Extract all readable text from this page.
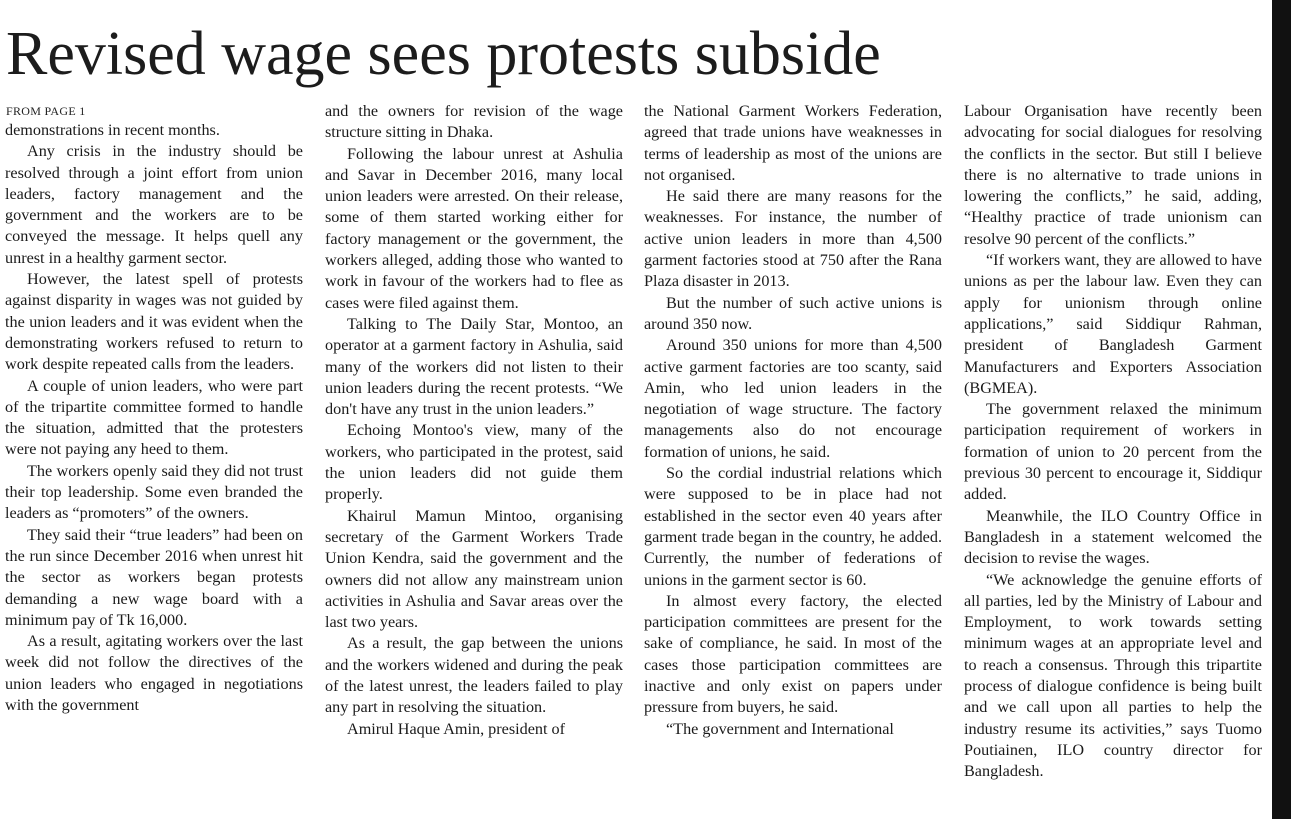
Revised wage sees protests subside
FROM PAGE 1

demonstrations in recent months.

Any crisis in the industry should be resolved through a joint effort from union leaders, factory management and the government and the workers are to be conveyed the message. It helps quell any unrest in a healthy garment sector.

However, the latest spell of protests against disparity in wages was not guided by the union leaders and it was evident when the demonstrating workers refused to return to work despite repeated calls from the leaders.

A couple of union leaders, who were part of the tripartite committee formed to handle the situation, admitted that the protesters were not paying any heed to them.

The workers openly said they did not trust their top leadership. Some even branded the leaders as “promoters” of the owners.

They said their “true leaders” had been on the run since December 2016 when unrest hit the sector as workers began protests demanding a new wage board with a minimum pay of Tk 16,000.

As a result, agitating workers over the last week did not follow the directives of the union leaders who engaged in negotiations with the government

and the owners for revision of the wage structure sitting in Dhaka.

Following the labour unrest at Ashulia and Savar in December 2016, many local union leaders were arrested. On their release, some of them started working either for factory management or the government, the workers alleged, adding those who wanted to work in favour of the workers had to flee as cases were filed against them.

Talking to The Daily Star, Montoo, an operator at a garment factory in Ashulia, said many of the workers did not listen to their union leaders during the recent protests. “We don't have any trust in the union leaders.”

Echoing Montoo's view, many of the workers, who participated in the protest, said the union leaders did not guide them properly.

Khairul Mamun Mintoo, organising secretary of the Garment Workers Trade Union Kendra, said the government and the owners did not allow any mainstream union activities in Ashulia and Savar areas over the last two years.

As a result, the gap between the unions and the workers widened and during the peak of the latest unrest, the leaders failed to play any part in resolving the situation.

Amirul Haque Amin, president of

the National Garment Workers Federation, agreed that trade unions have weaknesses in terms of leadership as most of the unions are not organised.

He said there are many reasons for the weaknesses. For instance, the number of active union leaders in more than 4,500 garment factories stood at 750 after the Rana Plaza disaster in 2013.

But the number of such active unions is around 350 now.

Around 350 unions for more than 4,500 active garment factories are too scanty, said Amin, who led union leaders in the negotiation of wage structure. The factory managements also do not encourage formation of unions, he said.

So the cordial industrial relations which were supposed to be in place had not established in the sector even 40 years after garment trade began in the country, he added. Currently, the number of federations of unions in the garment sector is 60.

In almost every factory, the elected participation committees are present for the sake of compliance, he said. In most of the cases those participation committees are inactive and only exist on papers under pressure from buyers, he said.

“The government and International

Labour Organisation have recently been advocating for social dialogues for resolving the conflicts in the sector. But still I believe there is no alternative to trade unions in lowering the conflicts,” he said, adding, “Healthy practice of trade unionism can resolve 90 percent of the conflicts.”

“If workers want, they are allowed to have unions as per the labour law. Even they can apply for unionism through online applications,” said Siddiqur Rahman, president of Bangladesh Garment Manufacturers and Exporters Association (BGMEA).

The government relaxed the minimum participation requirement of workers in formation of union to 20 percent from the previous 30 percent to encourage it, Siddiqur added.

Meanwhile, the ILO Country Office in Bangladesh in a statement welcomed the decision to revise the wages.

“We acknowledge the genuine efforts of all parties, led by the Ministry of Labour and Employment, to work towards setting minimum wages at an appropriate level and to reach a consensus. Through this tripartite process of dialogue confidence is being built and we call upon all parties to help the industry resume its activities,” says Tuomo Poutiainen, ILO country director for Bangladesh.
